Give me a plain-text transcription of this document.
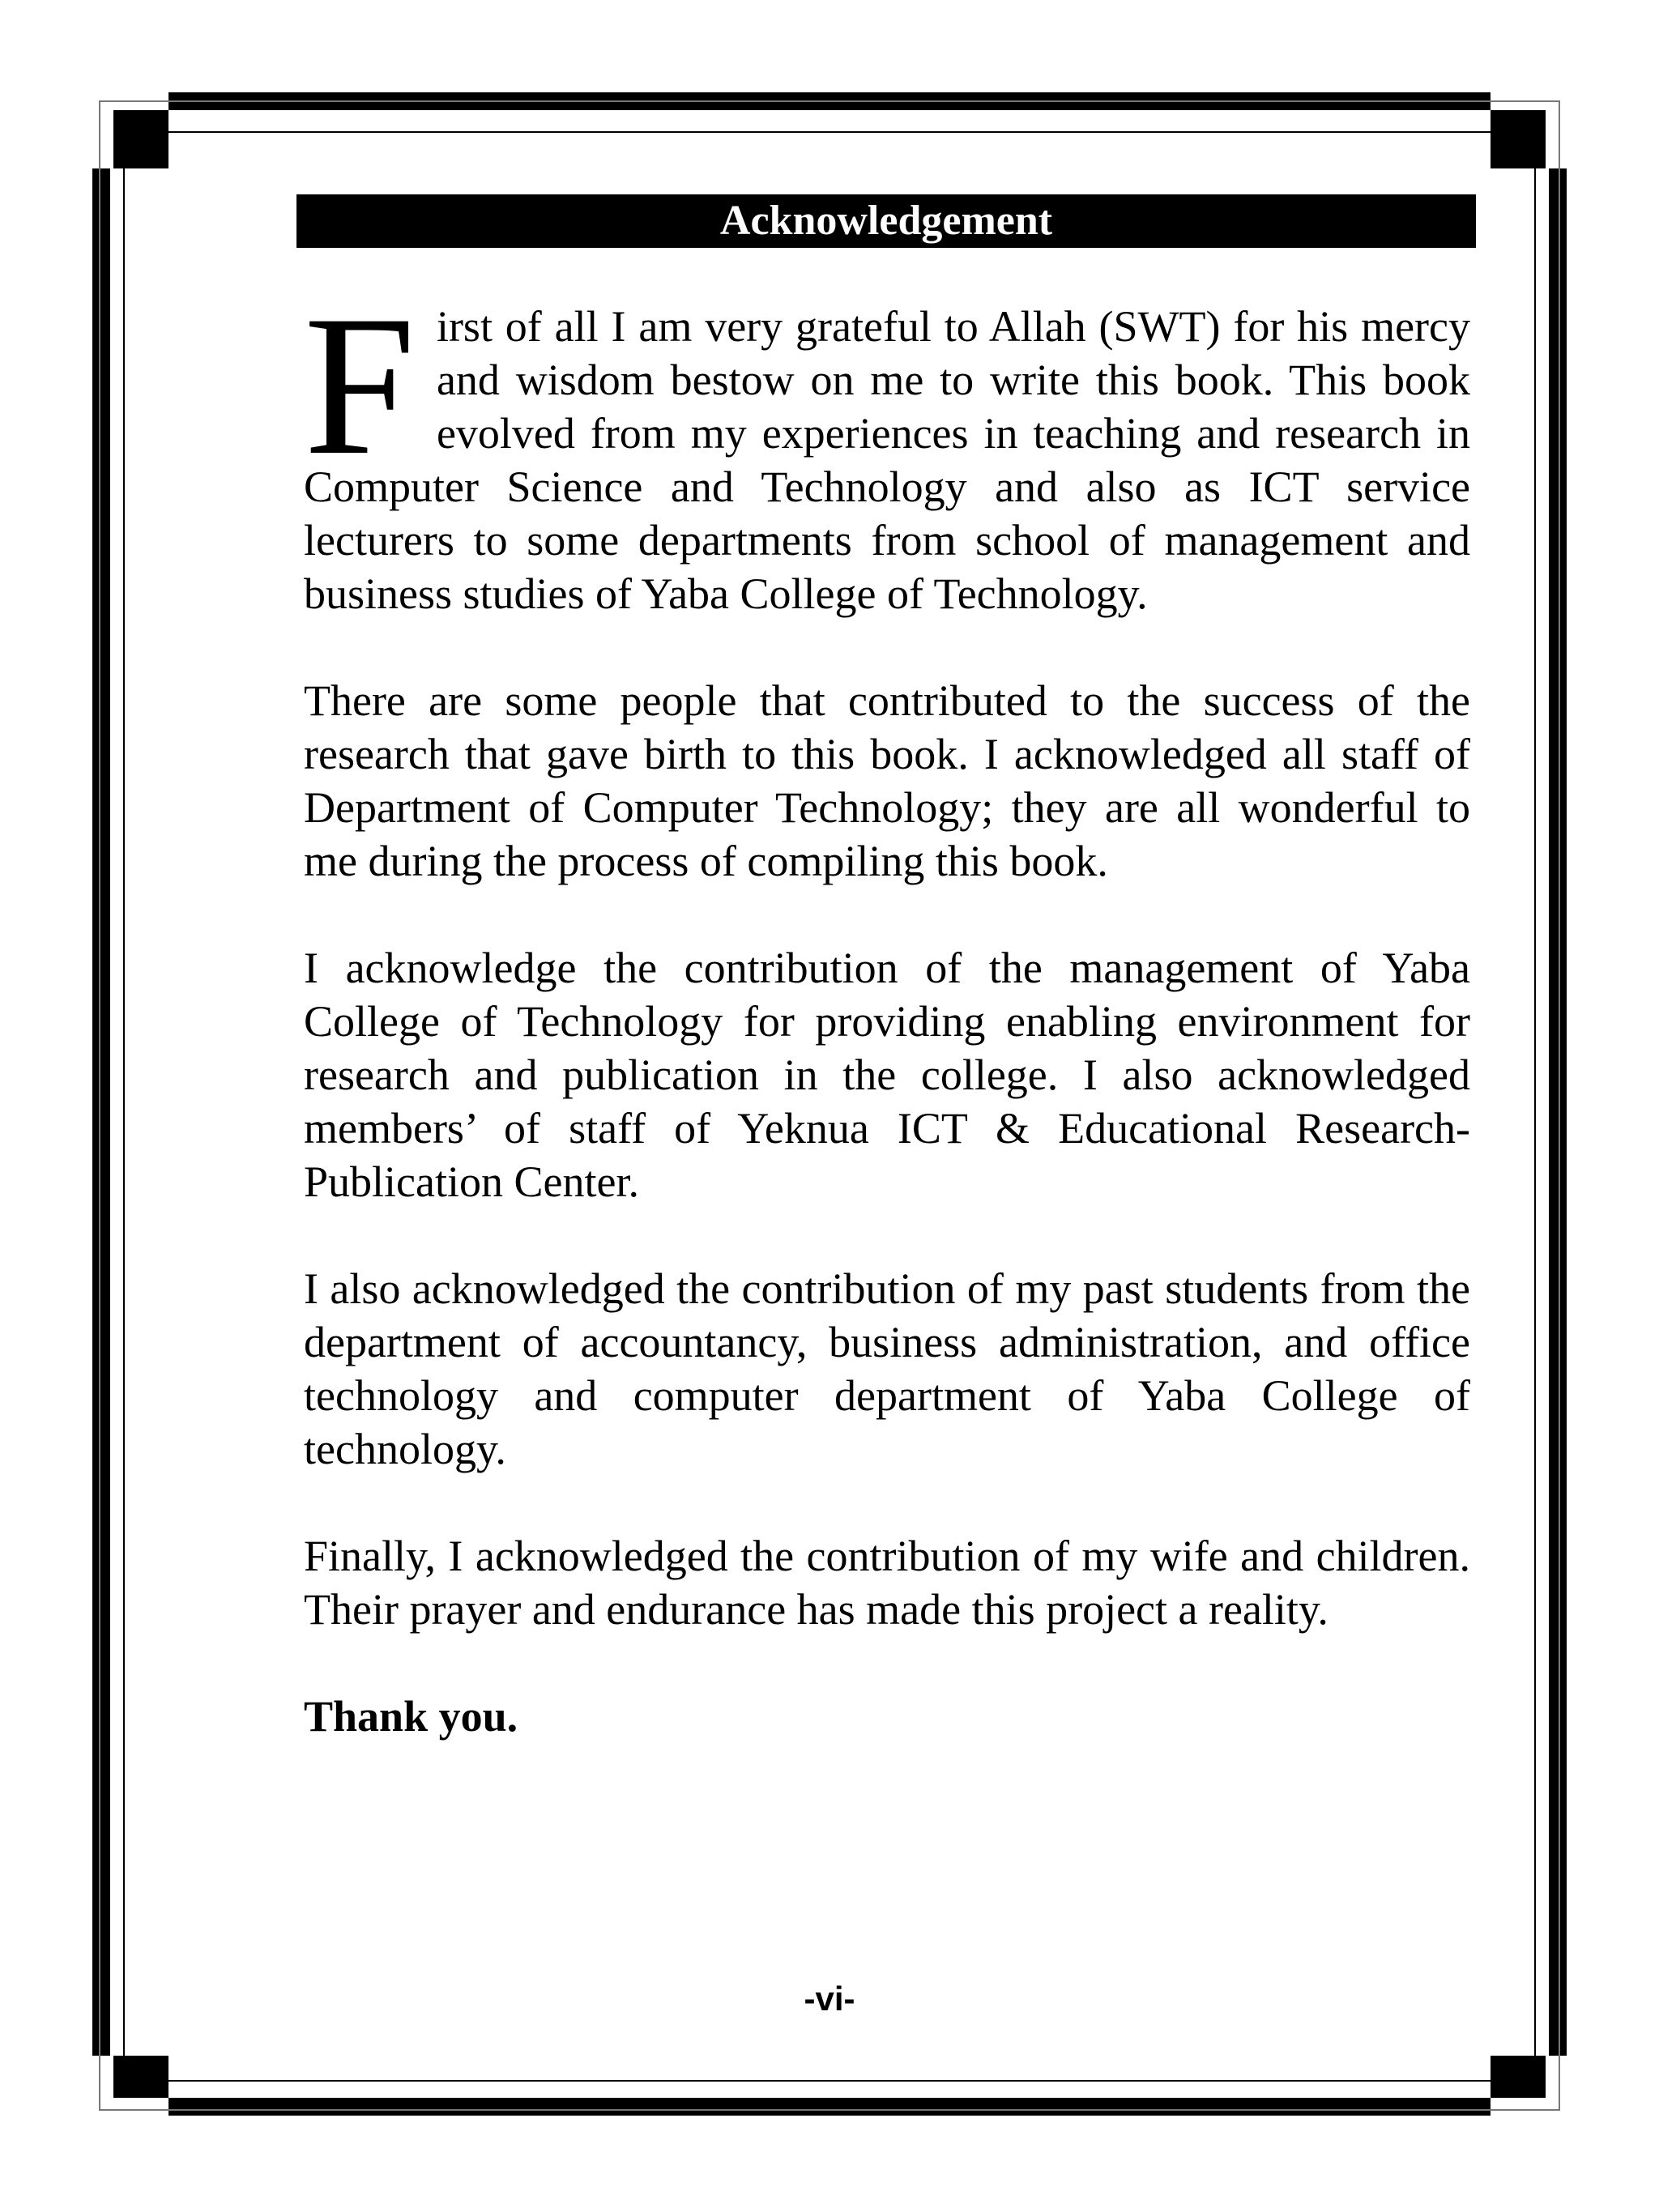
Acknowledgement

First of all I am very grateful to Allah (SWT) for his mercy and wisdom bestow on me to write this book. This book evolved from my experiences in teaching and research in Computer Science and Technology and also as ICT service lecturers to some departments from school of management and business studies of Yaba College of Technology.

There are some people that contributed to the success of the research that gave birth to this book. I acknowledged all staff of Department of Computer Technology; they are all wonderful to me during the process of compiling this book.

I acknowledge the contribution of the management of Yaba College of Technology for providing enabling environment for research and publication in the college. I also acknowledged members’ of staff of Yeknua ICT & Educational Research-Publication Center.

I also acknowledged the contribution of my past students from the department of accountancy, business administration, and office technology and computer department of Yaba College of technology.

Finally, I acknowledged the contribution of my wife and children. Their prayer and endurance has made this project a reality.

Thank you.

-vi-
